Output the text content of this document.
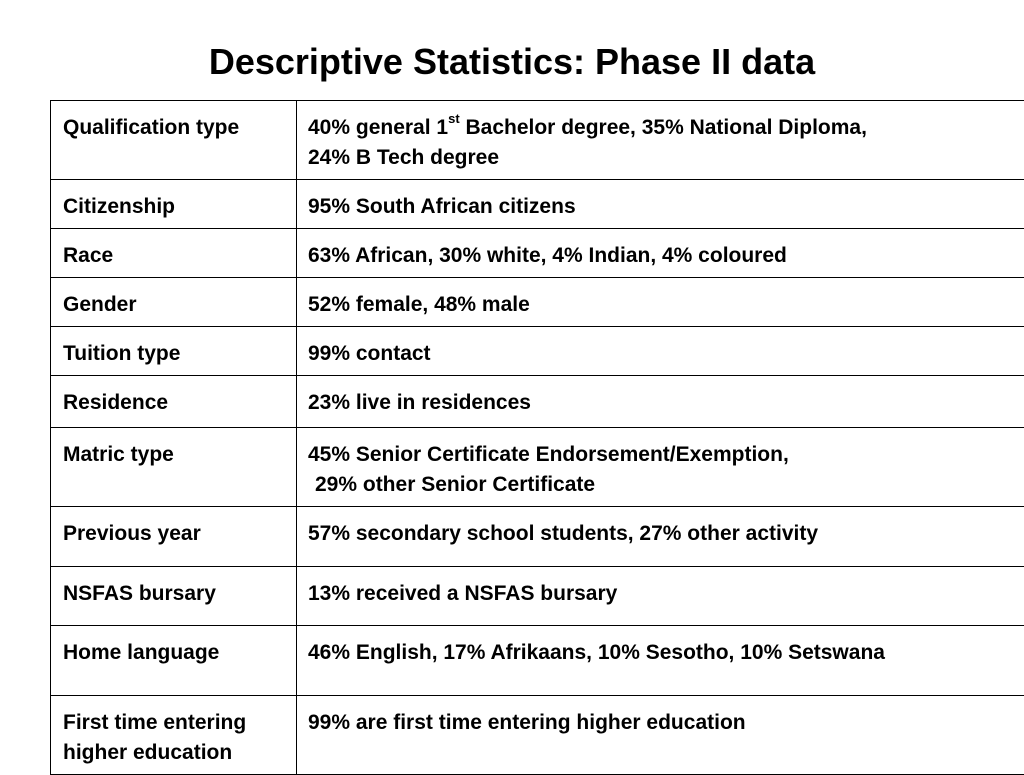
Descriptive Statistics: Phase II data
Qualification type	40% general 1st Bachelor degree, 35% National Diploma,
24% B Tech degree
Citizenship	95% South African citizens
Race	63% African, 30% white, 4% Indian, 4% coloured
Gender	52% female, 48% male
Tuition type	99% contact
Residence	23% live in residences
Matric type	45% Senior Certificate Endorsement/Exemption,
29% other Senior Certificate
Previous year	57% secondary school students, 27% other activity
NSFAS bursary	13% received a NSFAS bursary
Home language	46% English, 17% Afrikaans, 10% Sesotho, 10% Setswana
First time entering
higher education	99% are first time entering higher education
